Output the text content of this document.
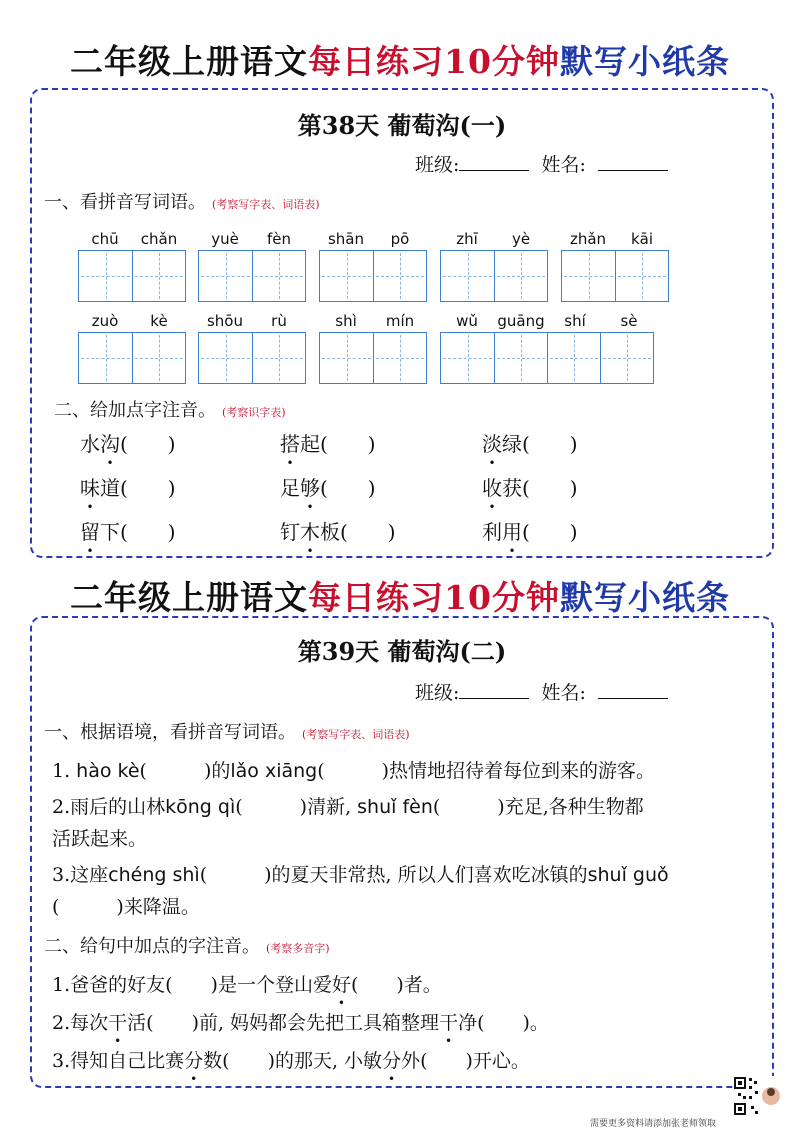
二年级上册语文每日练习10分钟默写小纸条
第38天 葡萄沟(一)
班级:	姓名:
一、看拼音写词语。 (考察写字表、词语表)
chū	chǎn	yuè	fèn	shān	pō	zhī	yè	zhǎn	kāi
zuò	kè	shōu	rù	shì	mín	wǔ	guāng	shí	sè
二、给加点字注音。 (考察识字表)
水沟(　　)	搭起(　　)	淡绿(　　)
味道(　　)	足够(　　)	收获(　　)
留下(　　)	钉木板(　　)	利用(　　)
二年级上册语文每日练习10分钟默写小纸条
第39天 葡萄沟(二)
班级:	姓名:
一、根据语境，看拼音写词语。 (考察写字表、词语表)
1. hào kè(　　　)的lǎo xiāng(　　　)热情地招待着每位到来的游客。
2.雨后的山林kōng qì(　　　)清新, shuǐ fèn(　　　)充足,各种生物都
活跃起来。
3.这座chéng shì(　　　)的夏天非常热, 所以人们喜欢吃冰镇的shuǐ guǒ
(　　　)来降温。
二、给句中加点的字注音。 (考察多音字)
1.爸爸的好友(　　)是一个登山爱好(　　)者。
2.每次干活(　　)前, 妈妈都会先把工具箱整理干净(　　)。
3.得知自己比赛分数(　　)的那天, 小敏分外(　　)开心。
需要更多资料请添加张老师领取
